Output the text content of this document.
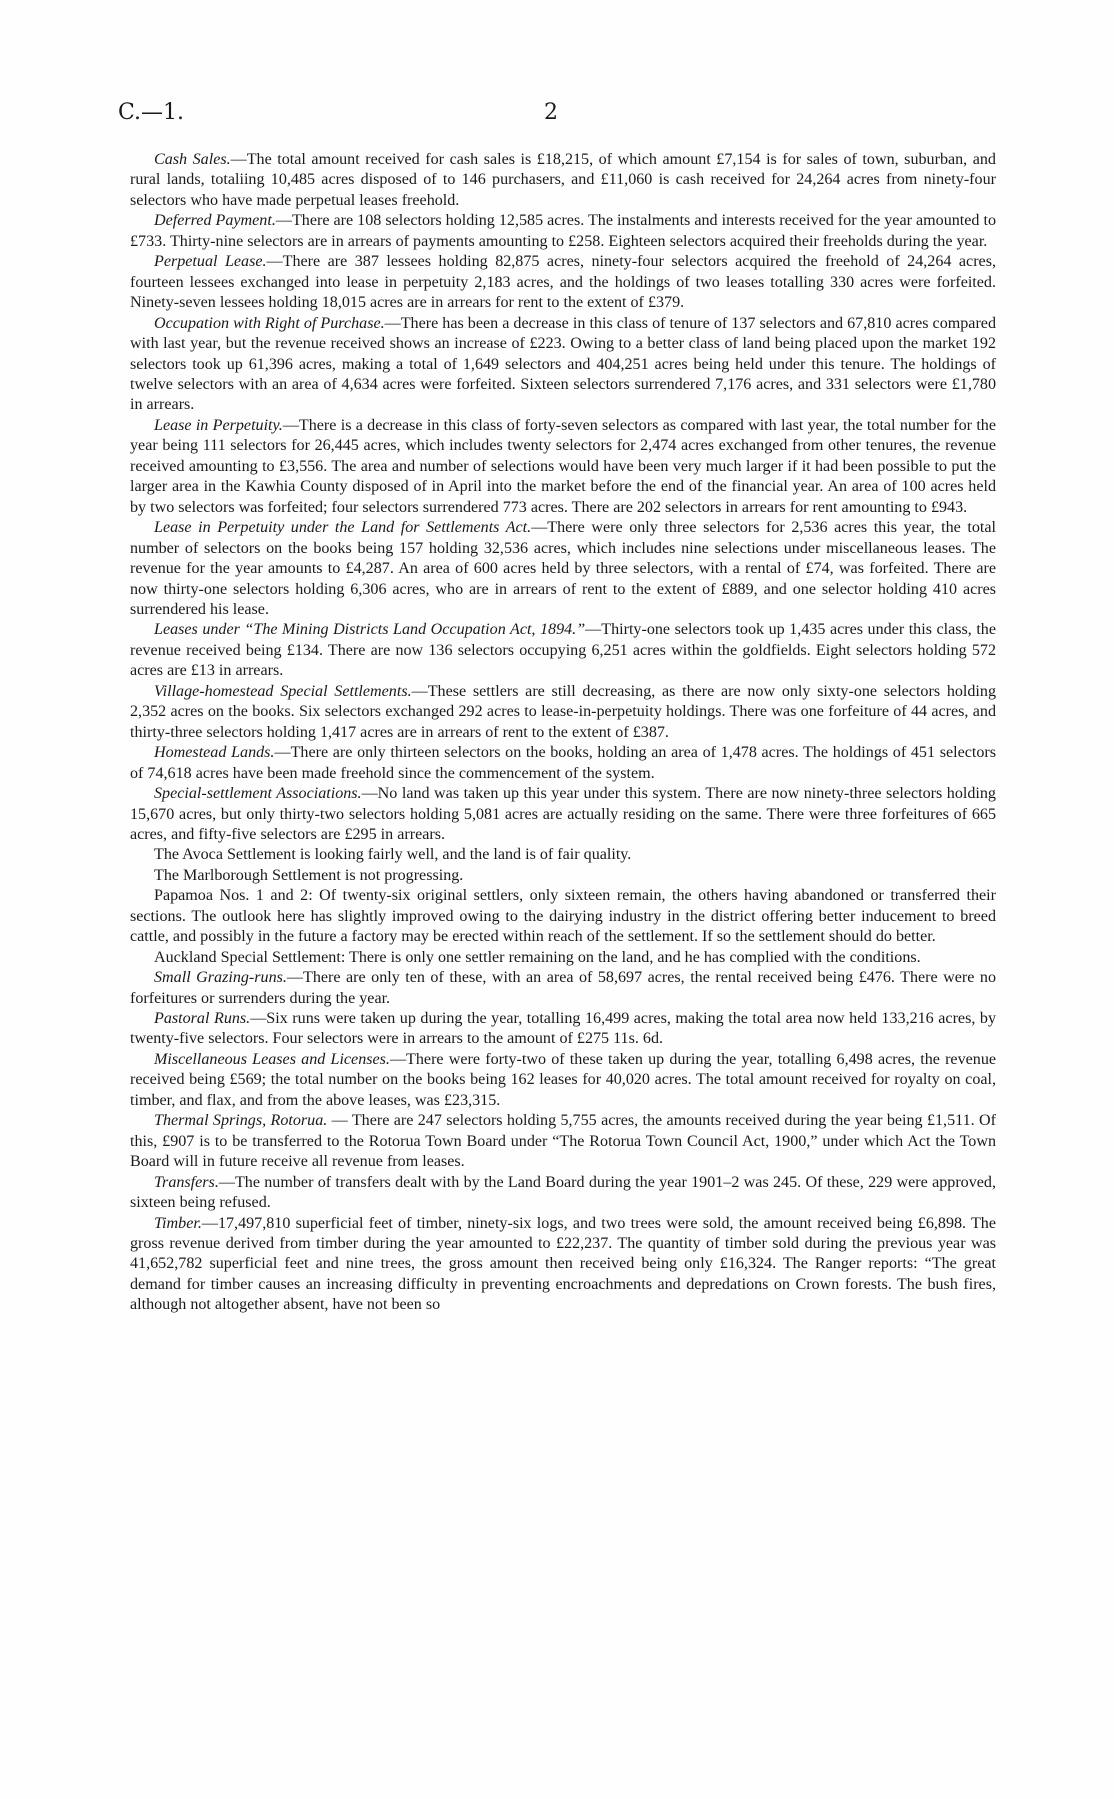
C.—1.	2

Cash Sales.—The total amount received for cash sales is £18,215, of which amount £7,154 is for sales of town, suburban, and rural lands, totaliing 10,485 acres disposed of to 146 purchasers, and £11,060 is cash received for 24,264 acres from ninety-four selectors who have made perpetual leases freehold.

Deferred Payment.—There are 108 selectors holding 12,585 acres. The instalments and interests received for the year amounted to £733. Thirty-nine selectors are in arrears of payments amounting to £258. Eighteen selectors acquired their freeholds during the year.

Perpetual Lease.—There are 387 lessees holding 82,875 acres, ninety-four selectors acquired the freehold of 24,264 acres, fourteen lessees exchanged into lease in perpetuity 2,183 acres, and the holdings of two leases totalling 330 acres were forfeited. Ninety-seven lessees holding 18,015 acres are in arrears for rent to the extent of £379.

Occupation with Right of Purchase.—There has been a decrease in this class of tenure of 137 selectors and 67,810 acres compared with last year, but the revenue received shows an increase of £223. Owing to a better class of land being placed upon the market 192 selectors took up 61,396 acres, making a total of 1,649 selectors and 404,251 acres being held under this tenure. The holdings of twelve selectors with an area of 4,634 acres were forfeited. Sixteen selectors surrendered 7,176 acres, and 331 selectors were £1,780 in arrears.

Lease in Perpetuity.—There is a decrease in this class of forty-seven selectors as compared with last year, the total number for the year being 111 selectors for 26,445 acres, which includes twenty selectors for 2,474 acres exchanged from other tenures, the revenue received amounting to £3,556. The area and number of selections would have been very much larger if it had been possible to put the larger area in the Kawhia County disposed of in April into the market before the end of the financial year. An area of 100 acres held by two selectors was forfeited; four selectors surrendered 773 acres. There are 202 selectors in arrears for rent amounting to £943.

Lease in Perpetuity under the Land for Settlements Act.—There were only three selectors for 2,536 acres this year, the total number of selectors on the books being 157 holding 32,536 acres, which includes nine selections under miscellaneous leases. The revenue for the year amounts to £4,287. An area of 600 acres held by three selectors, with a rental of £74, was forfeited. There are now thirty-one selectors holding 6,306 acres, who are in arrears of rent to the extent of £889, and one selector holding 410 acres surrendered his lease.

Leases under “The Mining Districts Land Occupation Act, 1894.”—Thirty-one selectors took up 1,435 acres under this class, the revenue received being £134. There are now 136 selectors occupying 6,251 acres within the goldfields. Eight selectors holding 572 acres are £13 in arrears.

Village-homestead Special Settlements.—These settlers are still decreasing, as there are now only sixty-one selectors holding 2,352 acres on the books. Six selectors exchanged 292 acres to lease-in-perpetuity holdings. There was one forfeiture of 44 acres, and thirty-three selectors holding 1,417 acres are in arrears of rent to the extent of £387.

Homestead Lands.—There are only thirteen selectors on the books, holding an area of 1,478 acres. The holdings of 451 selectors of 74,618 acres have been made freehold since the commencement of the system.

Special-settlement Associations.—No land was taken up this year under this system. There are now ninety-three selectors holding 15,670 acres, but only thirty-two selectors holding 5,081 acres are actually residing on the same. There were three forfeitures of 665 acres, and fifty-five selectors are £295 in arrears.

The Avoca Settlement is looking fairly well, and the land is of fair quality.

The Marlborough Settlement is not progressing.

Papamoa Nos. 1 and 2: Of twenty-six original settlers, only sixteen remain, the others having abandoned or transferred their sections. The outlook here has slightly improved owing to the dairying industry in the district offering better inducement to breed cattle, and possibly in the future a factory may be erected within reach of the settlement. If so the settlement should do better.

Auckland Special Settlement: There is only one settler remaining on the land, and he has complied with the conditions.

Small Grazing-runs.—There are only ten of these, with an area of 58,697 acres, the rental received being £476. There were no forfeitures or surrenders during the year.

Pastoral Runs.—Six runs were taken up during the year, totalling 16,499 acres, making the total area now held 133,216 acres, by twenty-five selectors. Four selectors were in arrears to the amount of £275 11s. 6d.

Miscellaneous Leases and Licenses.—There were forty-two of these taken up during the year, totalling 6,498 acres, the revenue received being £569; the total number on the books being 162 leases for 40,020 acres. The total amount received for royalty on coal, timber, and flax, and from the above leases, was £23,315.

Thermal Springs, Rotorua. — There are 247 selectors holding 5,755 acres, the amounts received during the year being £1,511. Of this, £907 is to be transferred to the Rotorua Town Board under “The Rotorua Town Council Act, 1900,” under which Act the Town Board will in future receive all revenue from leases.

Transfers.—The number of transfers dealt with by the Land Board during the year 1901–2 was 245. Of these, 229 were approved, sixteen being refused.

Timber.—17,497,810 superficial feet of timber, ninety-six logs, and two trees were sold, the amount received being £6,898. The gross revenue derived from timber during the year amounted to £22,237. The quantity of timber sold during the previous year was 41,652,782 superficial feet and nine trees, the gross amount then received being only £16,324. The Ranger reports: “The great demand for timber causes an increasing difficulty in preventing encroachments and depredations on Crown forests. The bush fires, although not altogether absent, have not been so
